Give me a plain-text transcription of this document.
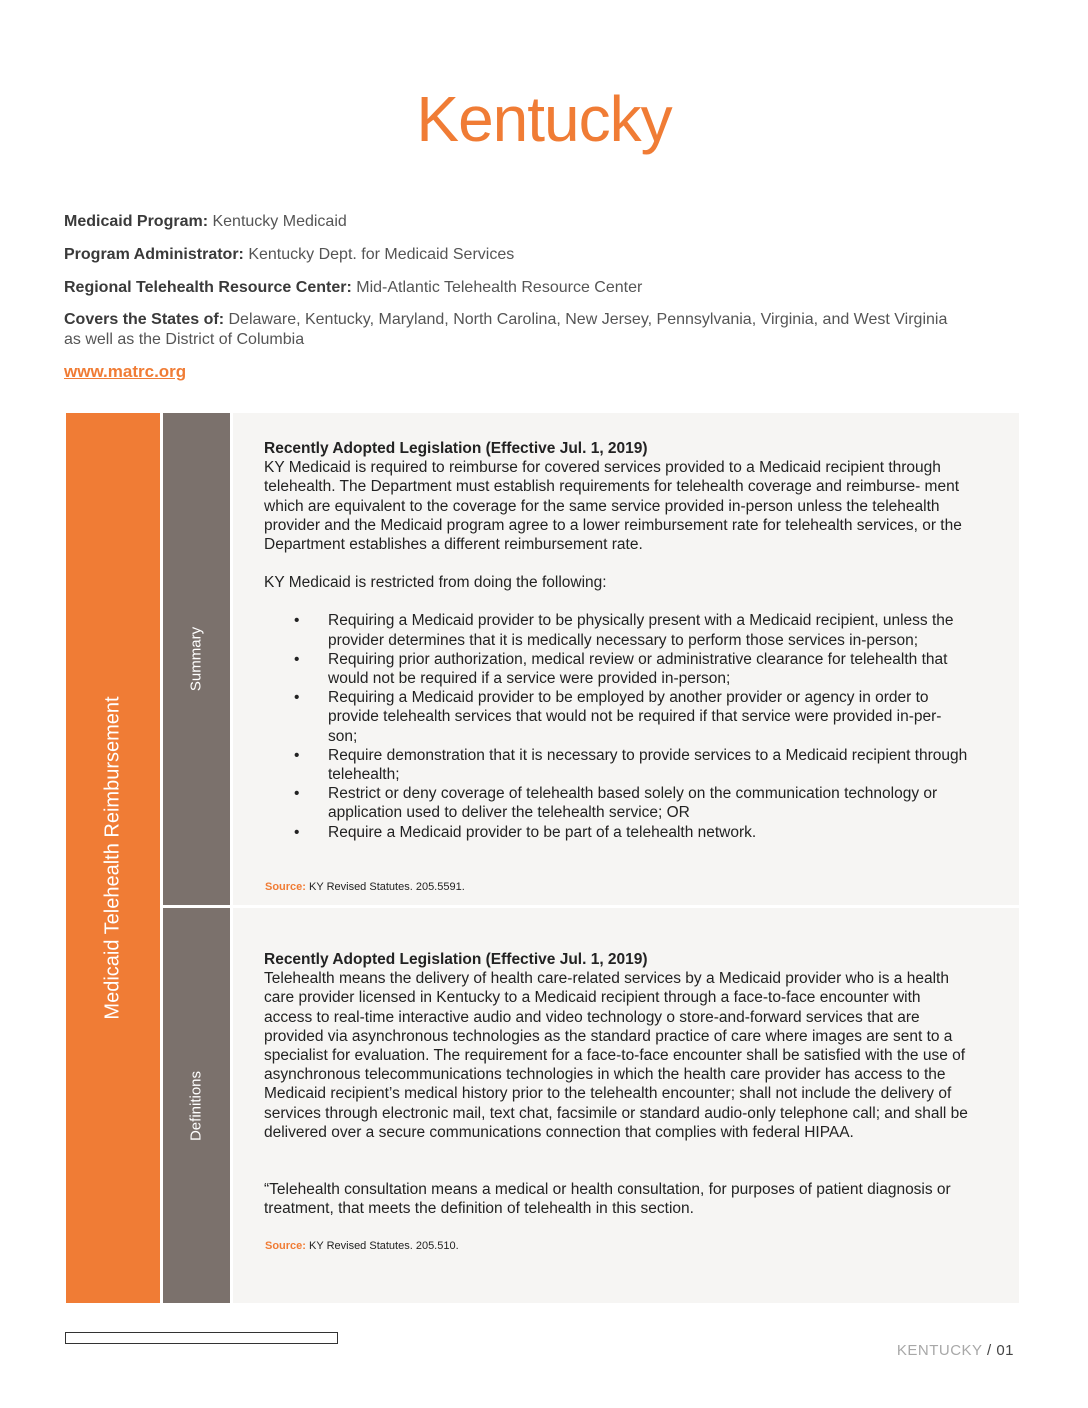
Kentucky
Medicaid Program: Kentucky Medicaid
Program Administrator: Kentucky Dept. for Medicaid Services
Regional Telehealth Resource Center: Mid-Atlantic Telehealth Resource Center
Covers the States of: Delaware, Kentucky, Maryland, North Carolina, New Jersey, Pennsylvania, Virginia, and West Virginia as well as the District of Columbia
www.matrc.org
Medicaid Telehealth Reimbursement
Summary
Recently Adopted Legislation (Effective Jul. 1, 2019)

KY Medicaid is required to reimburse for covered services provided to a Medicaid recipient through telehealth. The Department must establish requirements for telehealth coverage and reimburse- ment which are equivalent to the coverage for the same service provided in-person unless the telehealth provider and the Medicaid program agree to a lower reimbursement rate for telehealth services, or the Department establishes a different reimbursement rate.

KY Medicaid is restricted from doing the following:

• Requiring a Medicaid provider to be physically present with a Medicaid recipient, unless the provider determines that it is medically necessary to perform those services in-person;
• Requiring prior authorization, medical review or administrative clearance for telehealth that would not be required if a service were provided in-person;
• Requiring a Medicaid provider to be employed by another provider or agency in order to provide telehealth services that would not be required if that service were provided in-per- son;
• Require demonstration that it is necessary to provide services to a Medicaid recipient through telehealth;
• Restrict or deny coverage of telehealth based solely on the communication technology or application used to deliver the telehealth service; OR
• Require a Medicaid provider to be part of a telehealth network.
Source: KY Revised Statutes. 205.5591.
Definitions
Recently Adopted Legislation (Effective Jul. 1, 2019)

Telehealth means the delivery of health care-related services by a Medicaid provider who is a health care provider licensed in Kentucky to a Medicaid recipient through a face-to-face encounter with access to real-time interactive audio and video technology o store-and-forward services that are provided via asynchronous technologies as the standard practice of care where images are sent to a specialist for evaluation. The requirement for a face-to-face encounter shall be satisfied with the use of asynchronous telecommunications technologies in which the health care provider has access to the Medicaid recipient’s medical history prior to the telehealth encounter; shall not include the delivery of services through electronic mail, text chat, facsimile or standard audio-only telephone call; and shall be delivered over a secure communications connection that complies with federal HIPAA.

“Telehealth consultation means a medical or health consultation, for purposes of patient diagnosis or treatment, that meets the definition of telehealth in this section.

Source: KY Revised Statutes. 205.510.
KENTUCKY / 01
